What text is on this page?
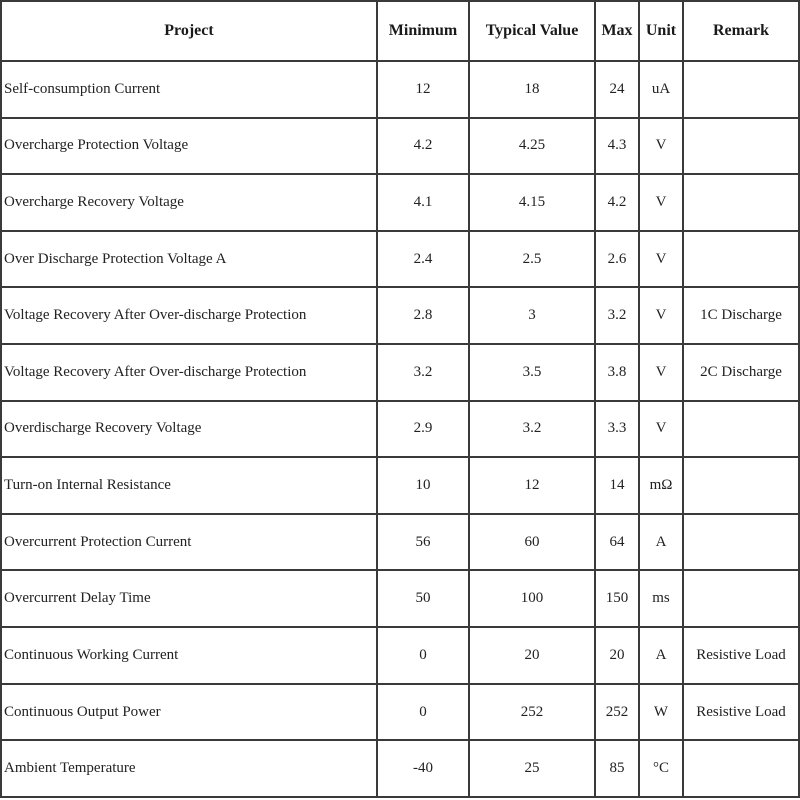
Project	Minimum	Typical Value	Max	Unit	Remark
Self-consumption Current	12	18	24	uA	
Overcharge Protection Voltage	4.2	4.25	4.3	V	
Overcharge Recovery Voltage	4.1	4.15	4.2	V	
Over Discharge Protection Voltage A	2.4	2.5	2.6	V	
Voltage Recovery After Over-discharge Protection	2.8	3	3.2	V	1C Discharge
Voltage Recovery After Over-discharge Protection	3.2	3.5	3.8	V	2C Discharge
Overdischarge Recovery Voltage	2.9	3.2	3.3	V	
Turn-on Internal Resistance	10	12	14	mΩ	
Overcurrent Protection Current	56	60	64	A	
Overcurrent Delay Time	50	100	150	ms	
Continuous Working Current	0	20	20	A	Resistive Load
Continuous Output Power	0	252	252	W	Resistive Load
Ambient Temperature	-40	25	85	°C	
